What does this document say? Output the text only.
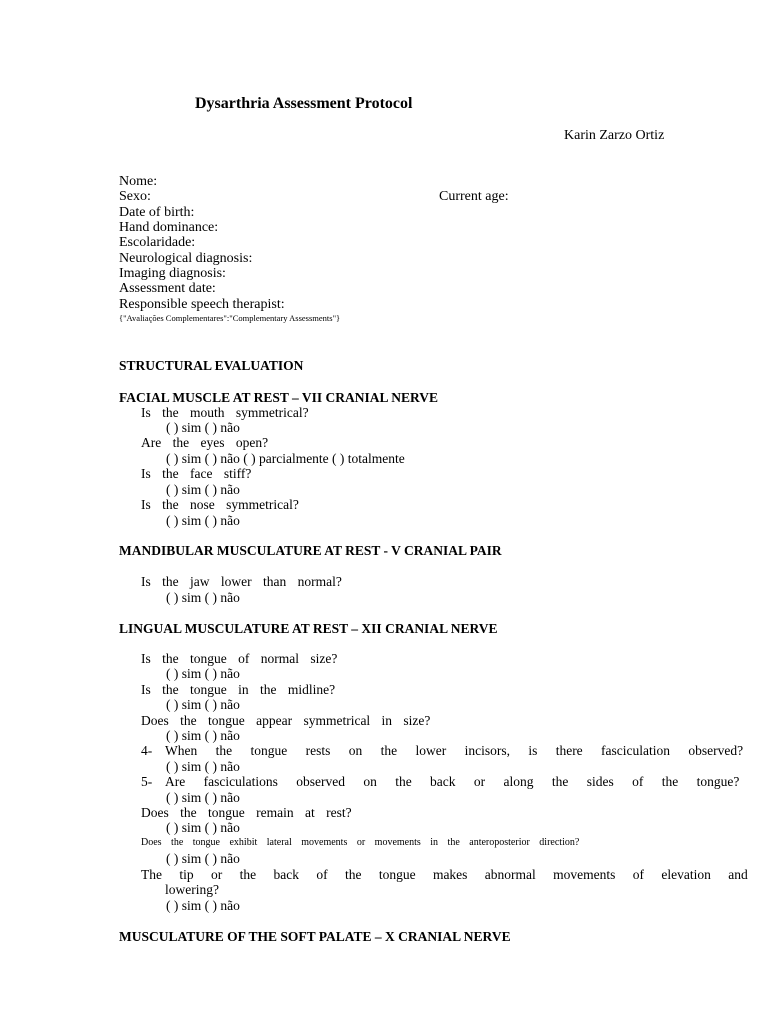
Dysarthria Assessment Protocol
Karin Zarzo Ortiz
Nome:
Sexo:	Current age:
Date of birth:
Hand dominance:
Escolaridade:
Neurological diagnosis:
Imaging diagnosis:
Assessment date:
Responsible speech therapist:
{"Avaliações Complementares":"Complementary Assessments"}
STRUCTURAL EVALUATION
FACIAL MUSCLE AT REST – VII CRANIAL NERVE
Is the mouth symmetrical?
( ) sim ( ) não
Are the eyes open?
( ) sim ( ) não ( ) parcialmente ( ) totalmente
Is the face stiff?
( ) sim ( ) não
Is the nose symmetrical?
( ) sim ( ) não
MANDIBULAR MUSCULATURE AT REST - V CRANIAL PAIR
Is the jaw lower than normal?
( ) sim ( ) não
LINGUAL MUSCULATURE AT REST – XII CRANIAL NERVE
Is the tongue of normal size?
( ) sim ( ) não
Is the tongue in the midline?
( ) sim ( ) não
Does the tongue appear symmetrical in size?
( ) sim ( ) não
4- When the tongue rests on the lower incisors, is there fasciculation observed?
( ) sim ( ) não
5- Are fasciculations observed on the back or along the sides of the tongue?
( ) sim ( ) não
Does the tongue remain at rest?
( ) sim ( ) não
Does the tongue exhibit lateral movements or movements in the anteroposterior direction?
( ) sim ( ) não
The tip or the back of the tongue makes abnormal movements of elevation and
lowering?
( ) sim ( ) não
MUSCULATURE OF THE SOFT PALATE – X CRANIAL NERVE
